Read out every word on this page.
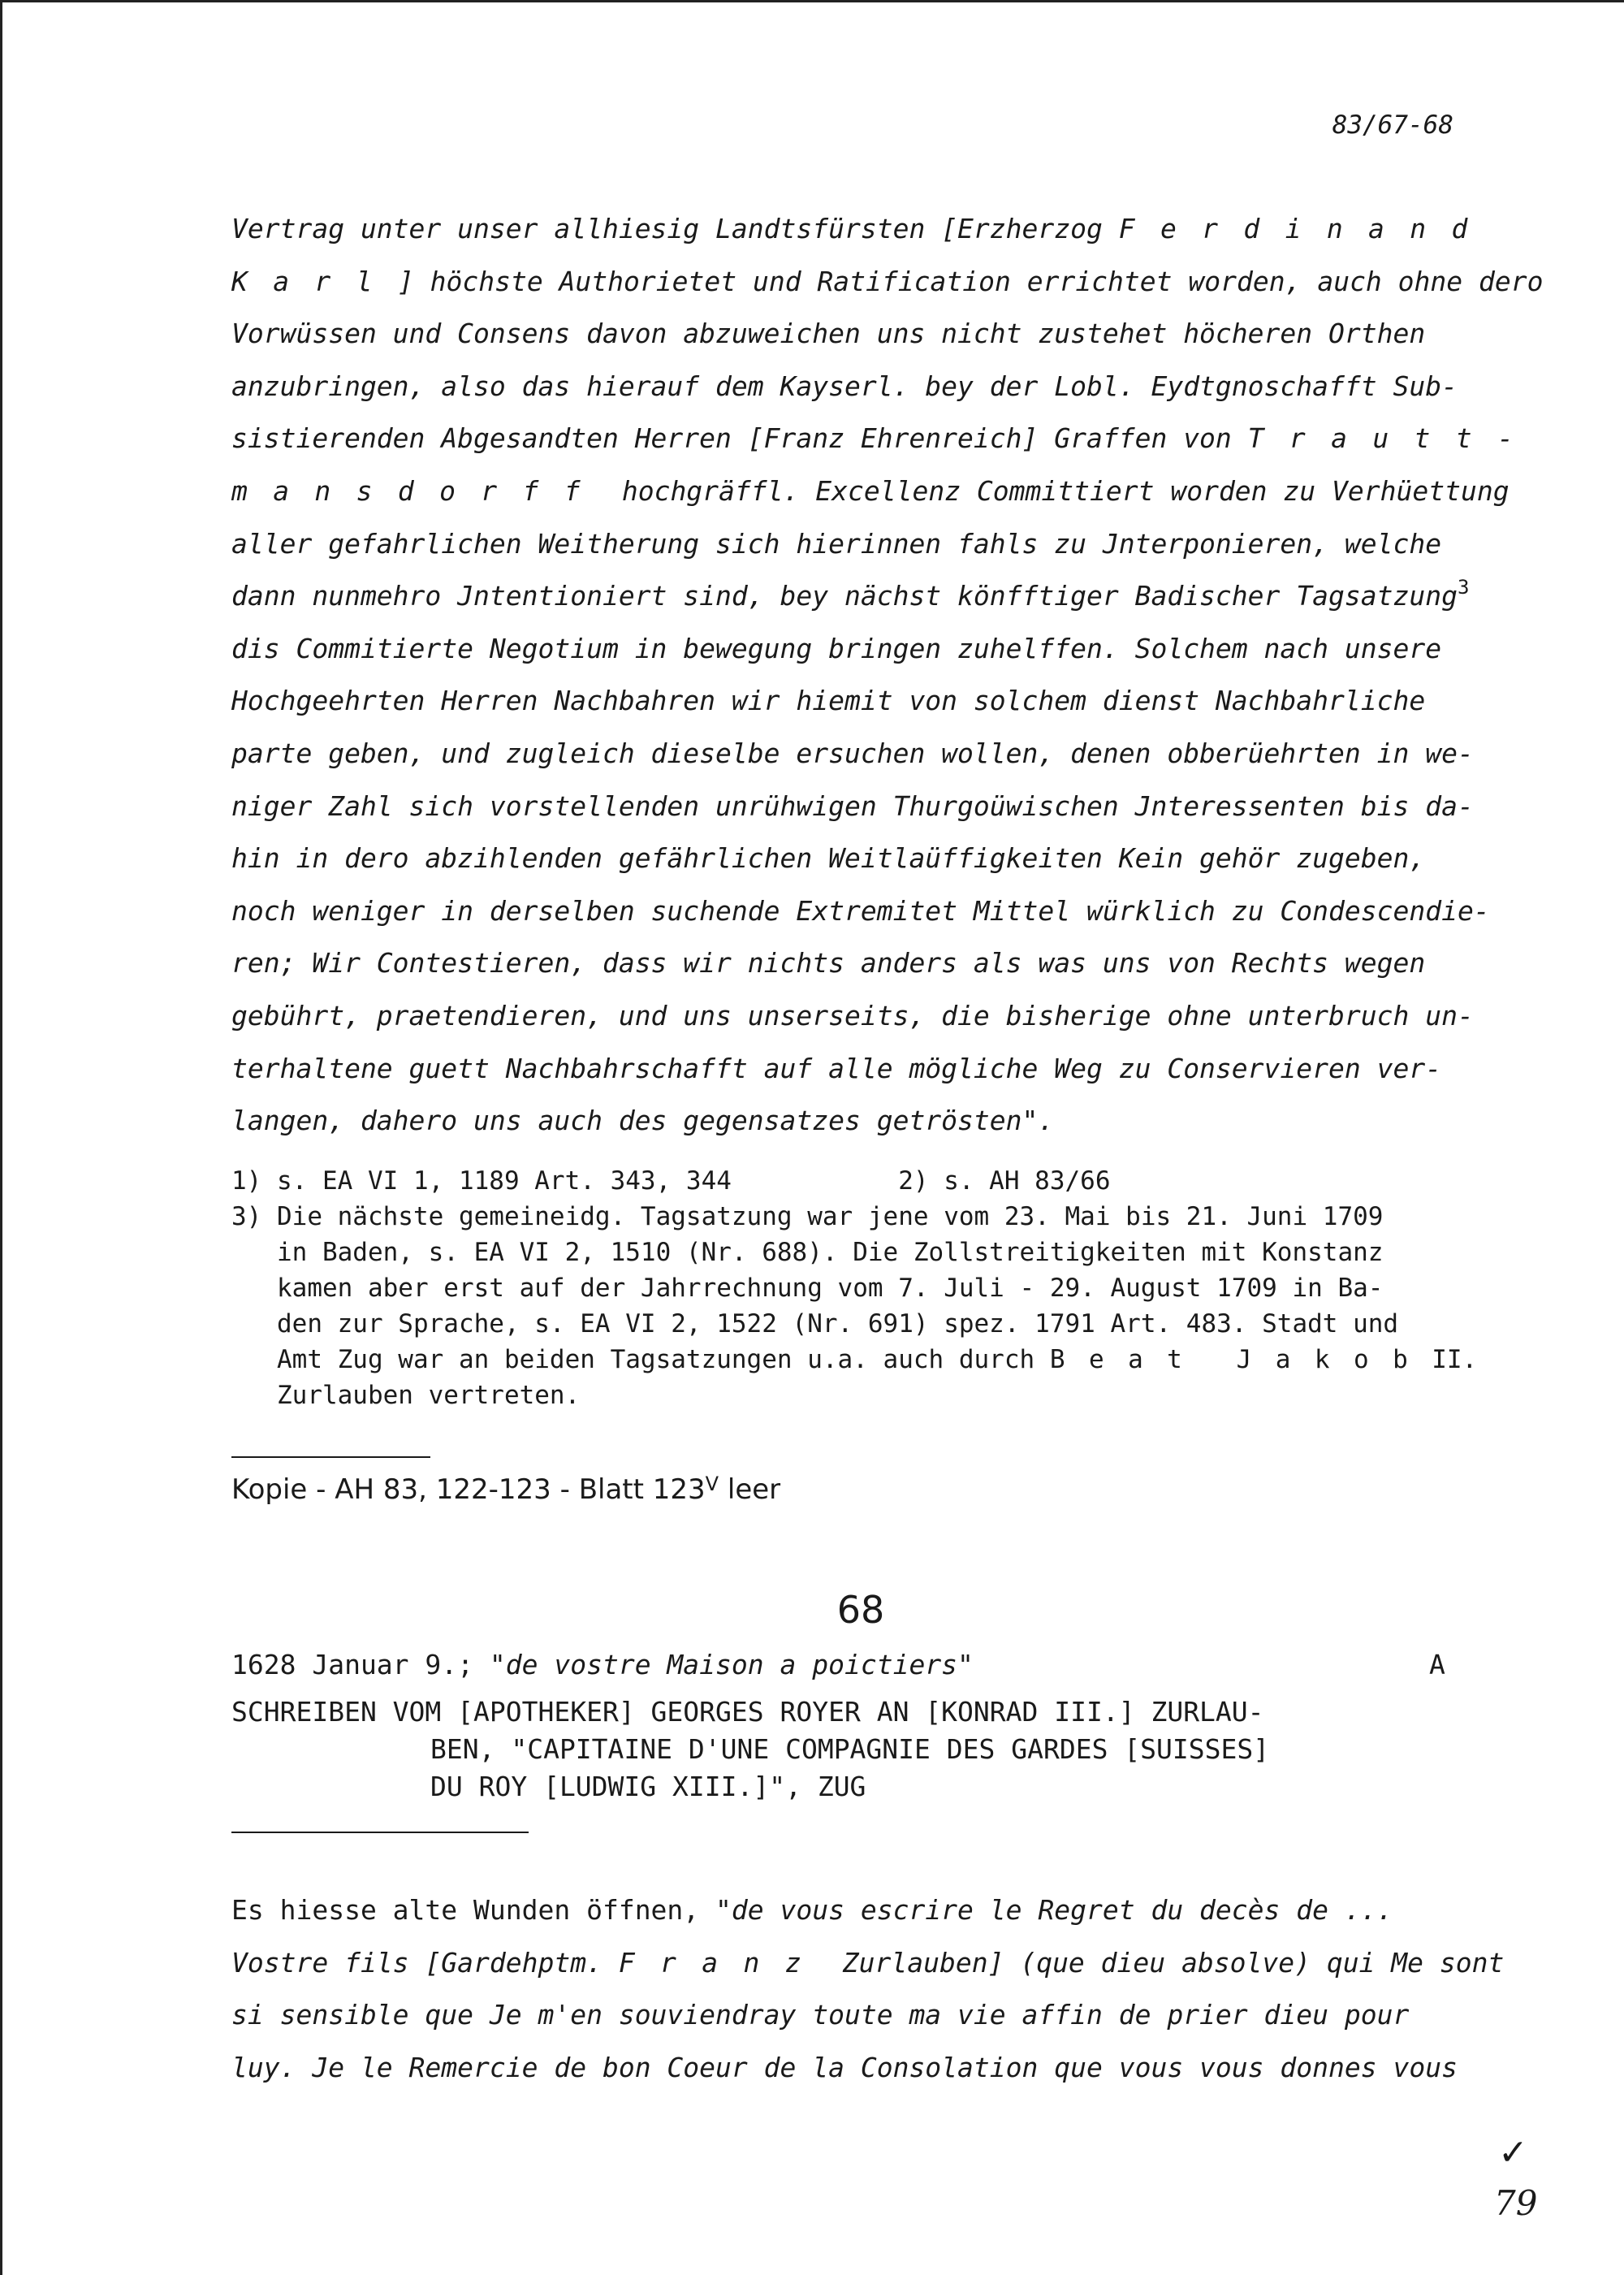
83/67-68
Vertrag unter unser allhiesig Landtsfürsten [Erzherzog Ferdinand
Karl] höchste Authorietet und Ratification errichtet worden, auch ohne dero
Vorwüssen und Consens davon abzuweichen uns nicht zustehet höcheren Orthen
anzubringen, also das hierauf dem Kayserl. bey der Lobl. Eydtgnoschafft Sub-
sistierenden Abgesandten Herren [Franz Ehrenreich] Graffen von Trautt-
mansdorff hochgräffl. Excellenz Committiert worden zu Verhüettung
aller gefahrlichen Weitherung sich hierinnen fahls zu Jnterponieren, welche
dann nunmehro Jntentioniert sind, bey nächst könfftiger Badischer Tagsatzung$^3$
dis Commitierte Negotium in bewegung bringen zuhelffen. Solchem nach unsere
Hochgeehrten Herren Nachbahren wir hiemit von solchem dienst Nachbahrliche
parte geben, und zugleich dieselbe ersuchen wollen, denen obberüehrten in we-
niger Zahl sich vorstellenden unrühwigen Thurgoüwischen Jnteressenten bis da-
hin in dero abzihlenden gefährlichen Weitlaüffigkeiten Kein gehör zugeben,
noch weniger in derselben suchende Extremitet Mittel würklich zu Condescendie-
ren; Wir Contestieren, dass wir nichts anders als was uns von Rechts wegen
gebührt, praetendieren, und uns unserseits, die bisherige ohne unterbruch un-
terhaltene guett Nachbahrschafft auf alle mögliche Weg zu Conservieren ver-
langen, dahero uns auch des gegensatzes getrösten".
1) s. EA VI 1, 1189 Art. 343, 344           2) s. AH 83/66
3) Die nächste gemeineidg. Tagsatzung war jene vom 23. Mai bis 21. Juni 1709
in Baden, s. EA VI 2, 1510 (Nr. 688). Die Zollstreitigkeiten mit Konstanz
kamen aber erst auf der Jahrrechnung vom 7. Juli - 29. August 1709 in Ba-
den zur Sprache, s. EA VI 2, 1522 (Nr. 691) spez. 1791 Art. 483. Stadt und
Amt Zug war an beiden Tagsatzungen u.a. auch durch Beat JakobII.
Zurlauben vertreten.
Kopie - AH 83, 122-123 - Blatt $123^V$ leer
68
1628 Januar 9.; "de vostre Maison a poictiers"	A
SCHREIBEN VOM [APOTHEKER] GEORGES ROYER AN [KONRAD III.] ZURLAU-
BEN, "CAPITAINE D'UNE COMPAGNIE DES GARDES [SUISSES]
DU ROY [LUDWIG XIII.]", ZUG
Es hiesse alte Wunden öffnen, "de vous escrire le Regret du decès de ...
Vostre fils [Gardehptm. Franz Zurlauben] (que dieu absolve) qui Me sont
si sensible que Je m'en souviendray toute ma vie affin de prier dieu pour
luy. Je le Remercie de bon Coeur de la Consolation que vous vous donnes vous
✓
79
